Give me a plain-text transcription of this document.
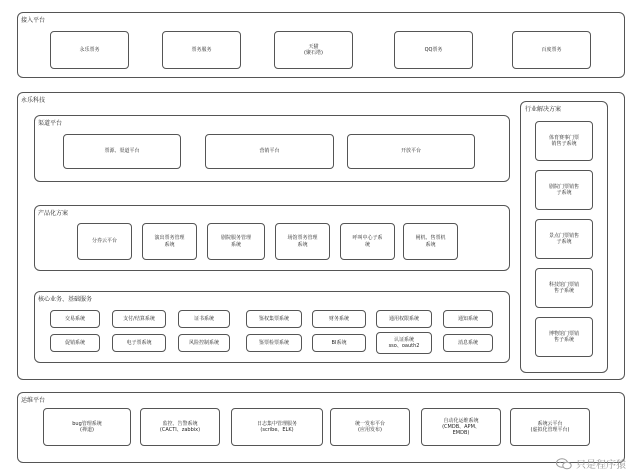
接入平台
永乐票务	票务服务
天猫
(聚石塔)
QQ票务	百度票务
永乐科技
渠道平台
票源、渠道平台	营销平台	开放平台
产品化方案
分券云平台
演出票务管理
系统
剧院服务管理
系统
场馆票务管理
系统
呼叫中心子系
统
闸机、售票机
系统
核心业务、基础服务
交易系统	支付/结算系统	证书系统	鉴权集票系统	财务系统	通用权限系统	通知系统
促销系统	电子票系统	风险控制系统	鉴票检票系统	BI系统
认证系统
sso、oauth2
消息系统
行业解决方案
体育赛事门票
销售子系统
剧院门票销售
子系统
景点门票销售
子系统
科技馆门票销
售子系统
博物馆门票销
售子系统
运维平台
bug管理系统
(禅道)
监控、告警系统
(CACTI、zabbix)
日志集中管理服务
(scribe、ELK)
统一发布平台
(应用发布)
自动化运维系统
(CMDB、APM、
EMDB)
系统云平台
(虚拟化管理平台)
只是程序猿
